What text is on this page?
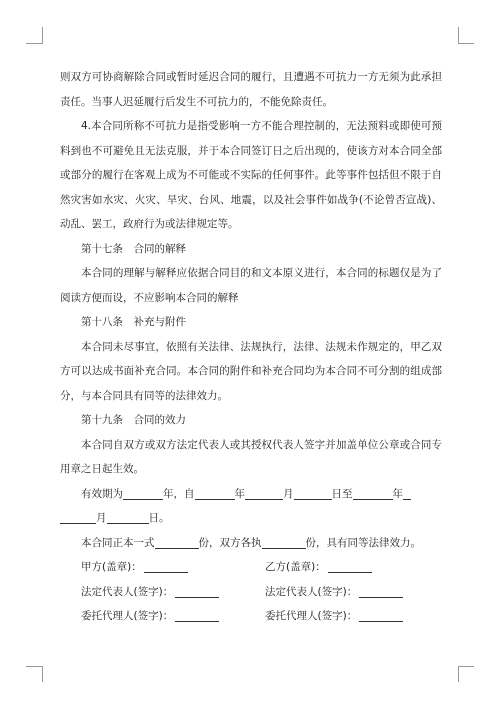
则双方可协商解除合同或暂时延迟合同的履行，且遭遇不可抗力一方无须为此承担责任。当事人迟延履行后发生不可抗力的，不能免除责任。

4.本合同所称不可抗力是指受影响一方不能合理控制的，无法预料或即使可预料到也不可避免且无法克服，并于本合同签订日之后出现的，使该方对本合同全部或部分的履行在客观上成为不可能或不实际的任何事件。此等事件包括但不限于自然灾害如水灾、火灾、旱灾、台风、地震，以及社会事件如战争(不论曾否宣战)、动乱、罢工，政府行为或法律规定等。

第十七条　合同的解释

本合同的理解与解释应依据合同目的和文本原义进行，本合同的标题仅是为了阅读方便而设，不应影响本合同的解释

第十八条　补充与附件

本合同未尽事宜，依照有关法律、法规执行，法律、法规未作规定的，甲乙双方可以达成书面补充合同。本合同的附件和补充合同均为本合同不可分割的组成部分，与本合同具有同等的法律效力。

第十九条　合同的效力

本合同自双方或双方法定代表人或其授权代表人签字并加盖单位公章或合同专用章之日起生效。

有效期为	年，自	年	月	日至	年

月	日。

本合同正本一式	份，双方各执	份，具有同等法律效力。

甲方(盖章)：	乙方(盖章)：
法定代表人(签字)：	法定代表人(签字)：
委托代理人(签字)：	委托代理人(签字)：
